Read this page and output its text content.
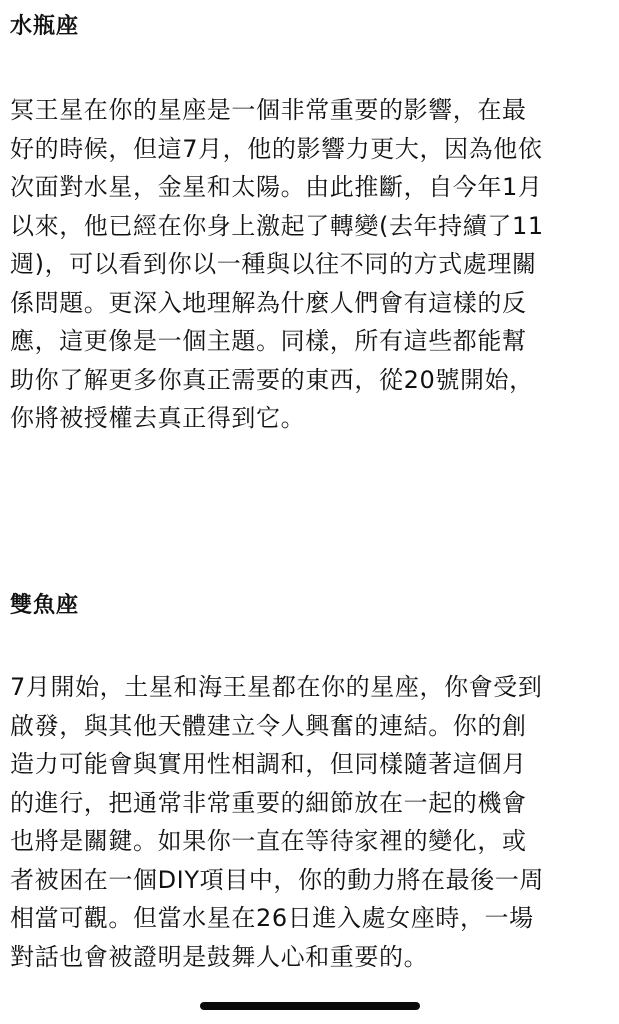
水瓶座
冥王星在你的星座是一個非常重要的影響，在最
好的時候，但這7月，他的影響力更大，因為他依
次面對水星，金星和太陽。由此推斷，自今年1月
以來，他已經在你身上激起了轉變(去年持續了11
週)，可以看到你以一種與以往不同的方式處理關
係問題。更深入地理解為什麼人們會有這樣的反
應，這更像是一個主題。同樣，所有這些都能幫
助你了解更多你真正需要的東西，從20號開始，
你將被授權去真正得到它。
雙魚座
7月開始，土星和海王星都在你的星座，你會受到
啟發，與其他天體建立令人興奮的連結。你的創
造力可能會與實用性相調和，但同樣隨著這個月
的進行，把通常非常重要的細節放在一起的機會
也將是關鍵。如果你一直在等待家裡的變化，或
者被困在一個DIY項目中，你的動力將在最後一周
相當可觀。但當水星在26日進入處女座時，一場
對話也會被證明是鼓舞人心和重要的。
